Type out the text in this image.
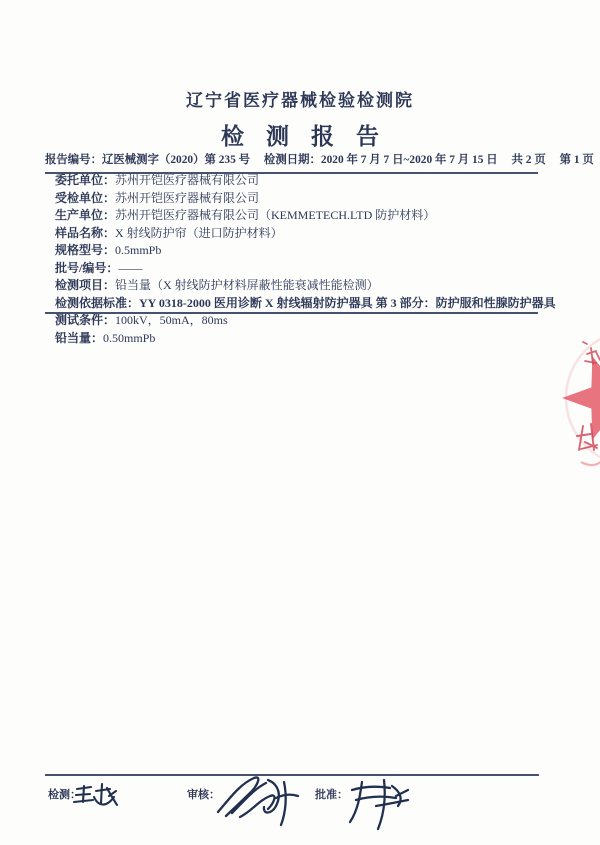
辽宁省医疗器械检验检测院
检测报告
报告编号：辽医械测字（2020）第 235 号 检测日期：2020 年 7 月 7 日~2020 年 7 月 15 日 共 2 页 第 1 页
委托单位：苏州开铠医疗器械有限公司
受检单位：苏州开铠医疗器械有限公司
生产单位：苏州开铠医疗器械有限公司（KEMMETECH.LTD 防护材料）
样品名称：X 射线防护帘（进口防护材料）
规格型号：0.5mmPb
批号/编号：——
检测项目：铅当量（X 射线防护材料屏蔽性能衰减性能检测）
检测依据标准：YY 0318-2000 医用诊断 X 射线辐射防护器具 第 3 部分：防护服和性腺防护器具
测试条件：100kV，50mA，80ms
铅当量：0.50mmPb
检测：	审核：	批准：
